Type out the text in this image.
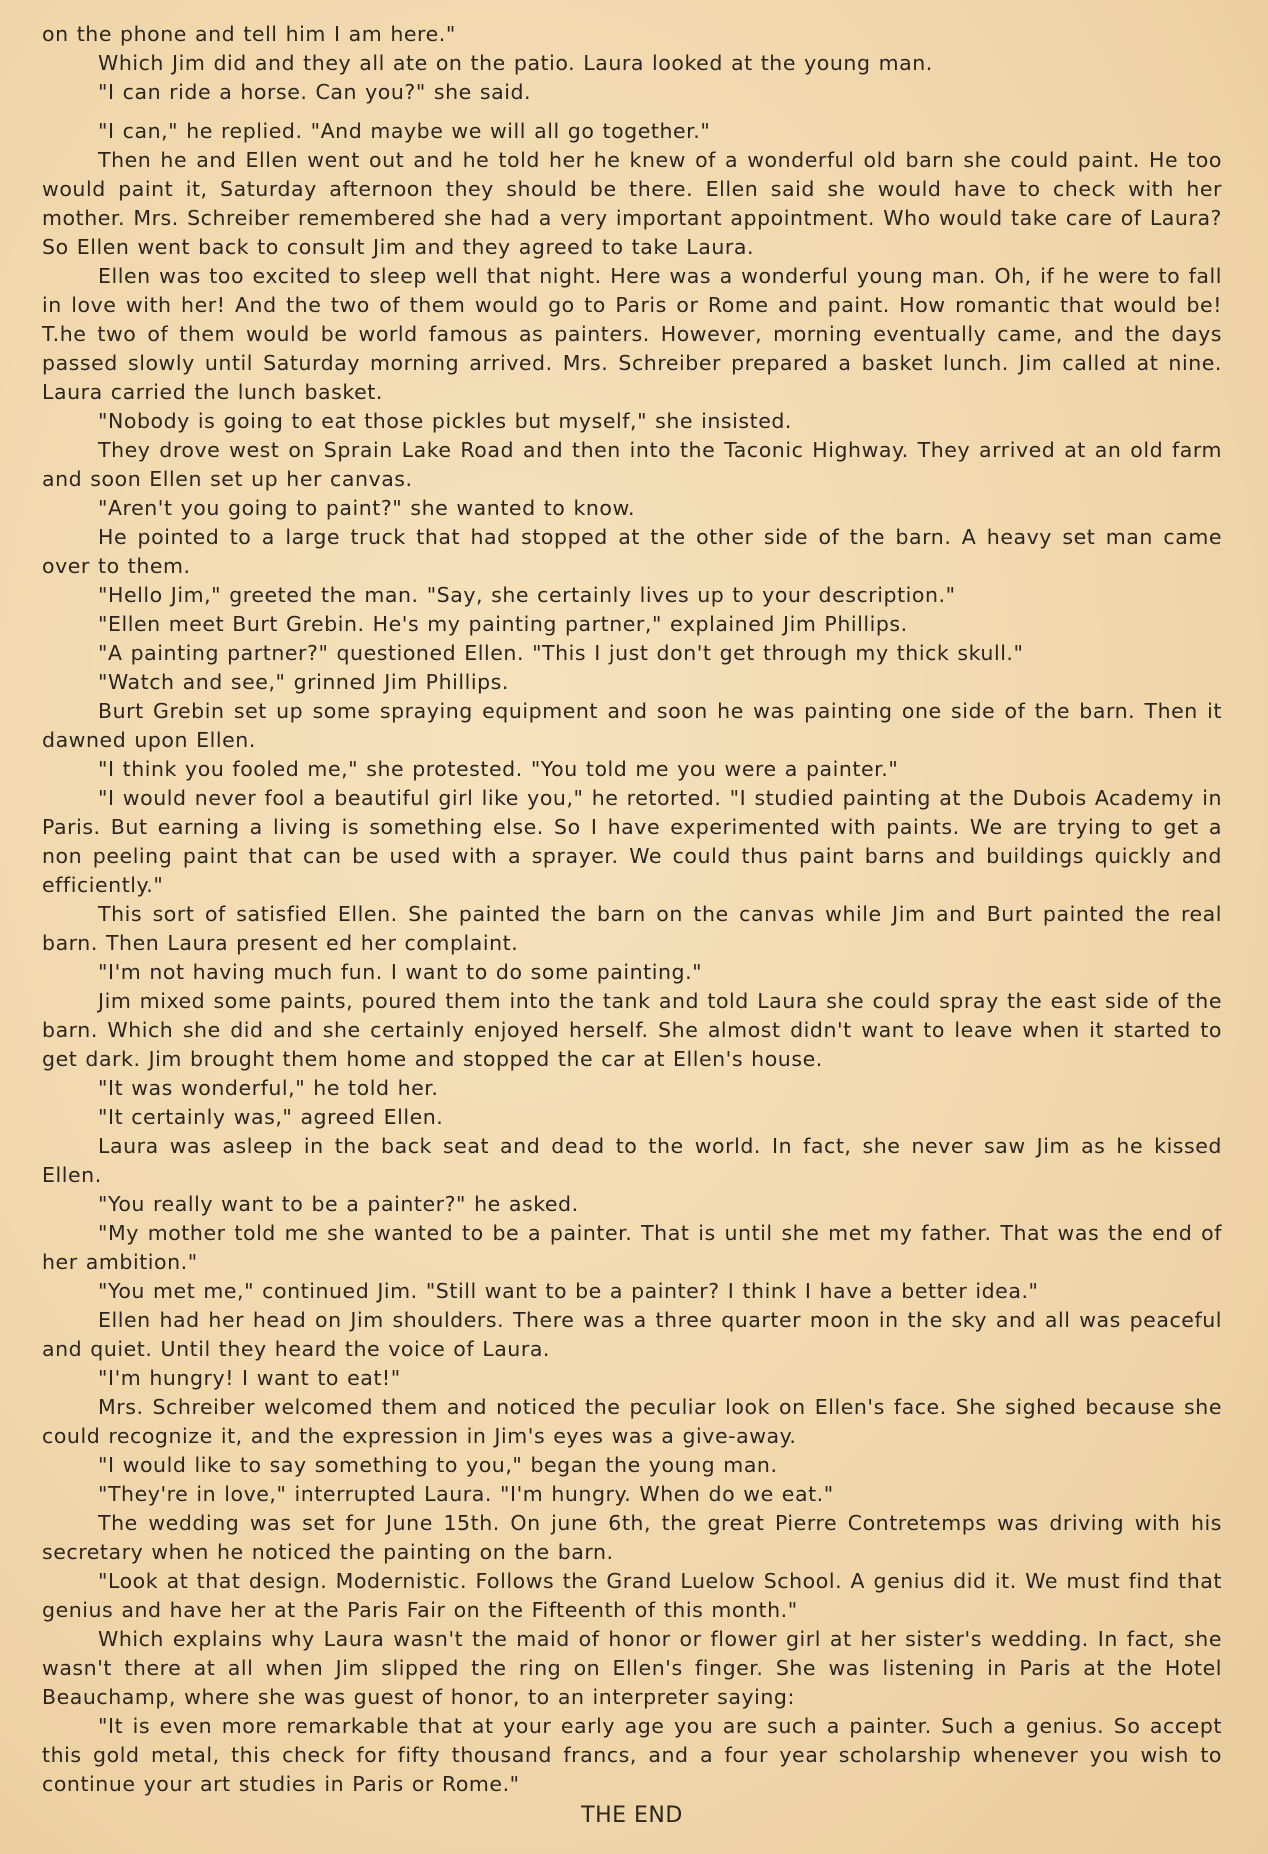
on the phone and tell him I am here."

Which Jim did and they all ate on the patio. Laura looked at the young man.

"I can ride a horse. Can you?" she said.

"I can," he replied. "And maybe we will all go together."

Then he and Ellen went out and he told her he knew of a wonderful old barn she could paint. He too would paint it, Saturday afternoon they should be there. Ellen said she would have to check with her mother. Mrs. Schreiber remembered she had a very important appointment. Who would take care of Laura? So Ellen went back to consult Jim and they agreed to take Laura.

Ellen was too excited to sleep well that night. Here was a wonderful young man. Oh, if he were to fall in love with her! And the two of them would go to Paris or Rome and paint. How romantic that would be! T.he two of them would be world famous as painters. However, morning eventually came, and the days passed slowly until Saturday morning arrived. Mrs. Schreiber prepared a basket lunch. Jim called at nine. Laura carried the lunch basket.

"Nobody is going to eat those pickles but myself," she insisted.

They drove west on Sprain Lake Road and then into the Taconic Highway. They arrived at an old farm and soon Ellen set up her canvas.

"Aren't you going to paint?" she wanted to know.

He pointed to a large truck that had stopped at the other side of the barn. A heavy set man came over to them.

"Hello Jim," greeted the man. "Say, she certainly lives up to your description."

"Ellen meet Burt Grebin. He's my painting partner," explained Jim Phillips.

"A painting partner?" questioned Ellen. "This I just don't get through my thick skull."

"Watch and see," grinned Jim Phillips.

Burt Grebin set up some spraying equipment and soon he was painting one side of the barn. Then it dawned upon Ellen.

"I think you fooled me," she protested. "You told me you were a painter."

"I would never fool a beautiful girl like you," he retorted. "I studied painting at the Dubois Academy in Paris. But earning a living is something else. So I have experimented with paints. We are trying to get a non peeling paint that can be used with a sprayer. We could thus paint barns and buildings quickly and efficiently."

This sort of satisfied Ellen. She painted the barn on the canvas while Jim and Burt painted the real barn. Then Laura present ed her complaint.

"I'm not having much fun. I want to do some painting."

Jim mixed some paints, poured them into the tank and told Laura she could spray the east side of the barn. Which she did and she certainly enjoyed herself. She almost didn't want to leave when it started to get dark. Jim brought them home and stopped the car at Ellen's house.

"It was wonderful," he told her.

"It certainly was," agreed Ellen.

Laura was asleep in the back seat and dead to the world. In fact, she never saw Jim as he kissed Ellen.

"You really want to be a painter?" he asked.

"My mother told me she wanted to be a painter. That is until she met my father. That was the end of her ambition."

"You met me," continued Jim. "Still want to be a painter? I think I have a better idea."

Ellen had her head on Jim shoulders. There was a three quarter moon in the sky and all was peaceful and quiet. Until they heard the voice of Laura.

"I'm hungry! I want to eat!"

Mrs. Schreiber welcomed them and noticed the peculiar look on Ellen's face. She sighed because she could recognize it, and the expression in Jim's eyes was a give-away.

"I would like to say something to you," began the young man.

"They're in love," interrupted Laura. "I'm hungry. When do we eat."

The wedding was set for June 15th. On june 6th, the great Pierre Contretemps was driving with his secretary when he noticed the painting on the barn.

"Look at that design. Modernistic. Follows the Grand Luelow School. A genius did it. We must find that genius and have her at the Paris Fair on the Fifteenth of this month."

Which explains why Laura wasn't the maid of honor or flower girl at her sister's wedding. In fact, she wasn't there at all when Jim slipped the ring on Ellen's finger. She was listening in Paris at the Hotel Beauchamp, where she was guest of honor, to an interpreter saying:

"It is even more remarkable that at your early age you are such a painter. Such a genius. So accept this gold metal, this check for fifty thousand francs, and a four year scholarship whenever you wish to continue your art studies in Paris or Rome."

THE END
